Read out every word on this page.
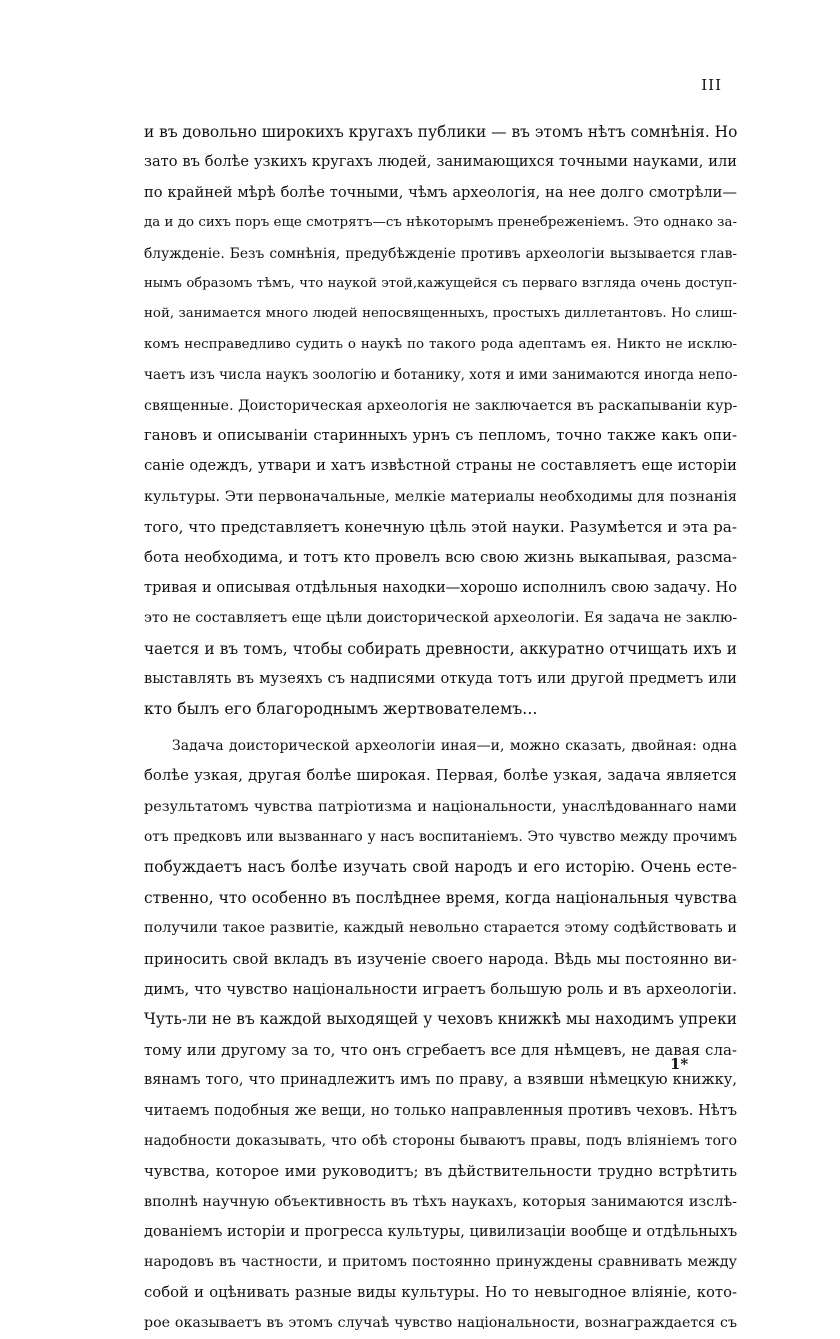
III
и въ довольно широкихъ кругахъ публики — въ этомъ нѣтъ сомнѣнія. Но
зато въ болѣе узкихъ кругахъ людей, занимающихся точными науками, или
по крайней мѣрѣ болѣе точными, чѣмъ археологія, на нее долго смотрѣли—
да и до сихъ поръ еще смотрятъ—съ нѣкоторымъ пренебреженіемъ. Это однако за-
блужденіе. Безъ сомнѣнія, предубѣжденіе противъ археологіи вызывается глав-
нымъ образомъ тѣмъ, что наукой этой,кажущейся съ перваго взгляда очень доступ-
ной, занимается много людей непосвященныхъ, простыхъ диллетантовъ. Но слиш-
комъ несправедливо судить о наукѣ по такого рода адептамъ ея. Никто не исклю-
чаетъ изъ числа наукъ зоологію и ботанику, хотя и ими занимаются иногда непо-
священные. Доисторическая археологія не заключается въ раскапываніи кур-
гановъ и описываніи старинныхъ урнъ съ пепломъ, точно также какъ опи-
саніе одеждъ, утвари и хатъ извѣстной страны не составляетъ еще исторіи
культуры. Эти первоначальные, мелкіе материалы необходимы для познанія
того, что представляетъ конечную цѣль этой науки. Разумѣется и эта ра-
бота необходима, и тотъ кто провелъ всю свою жизнь выкапывая, разсма-
тривая и описывая отдѣльныя находки—хорошо исполнилъ свою задачу. Но
это не составляетъ еще цѣли доисторической археологіи. Ея задача не заклю-
чается и въ томъ, чтобы собирать древности, аккуратно отчищать ихъ и
выставлять въ музеяхъ съ надписями откуда тотъ или другой предметъ или
кто былъ его благороднымъ жертвователемъ...
Задача доисторической археологіи иная—и, можно сказать, двойная: одна
болѣе узкая, другая болѣе широкая. Первая, болѣе узкая, задача является
результатомъ чувства патріотизма и національности, унаслѣдованнаго нами
отъ предковъ или вызваннаго у насъ воспитаніемъ. Это чувство между прочимъ
побуждаетъ насъ болѣе изучать свой народъ и его исторію. Очень есте-
ственно, что особенно въ послѣднее время, когда національныя чувства
получили такое развитіе, каждый невольно старается этому содѣйствовать и
приносить свой вкладъ въ изученіе своего народа. Вѣдь мы постоянно ви-
димъ, что чувство національности играетъ большую роль и въ археологіи.
Чуть-ли не въ каждой выходящей у чеховъ книжкѣ мы находимъ упреки
тому или другому за то, что онъ сгребаетъ все для нѣмцевъ, не давая сла-
вянамъ того, что принадлежитъ имъ по праву, а взявши нѣмецкую книжку,
читаемъ подобныя же вещи, но только направленныя противъ чеховъ. Нѣтъ
надобности доказывать, что обѣ стороны бываютъ правы, подъ вліяніемъ того
чувства, которое ими руководитъ; въ дѣйствительности трудно встрѣтить
вполнѣ научную объективность въ тѣхъ наукахъ, которыя занимаются изслѣ-
дованіемъ исторіи и прогресса культуры, цивилизаціи вообще и отдѣльныхъ
народовъ въ частности, и притомъ постоянно принуждены сравнивать между
собой и оцѣнивать разные виды культуры. Но то невыгодное вліяніе, кото-
рое оказываетъ въ этомъ случаѣ чувство національности, вознаграждается съ
1*
